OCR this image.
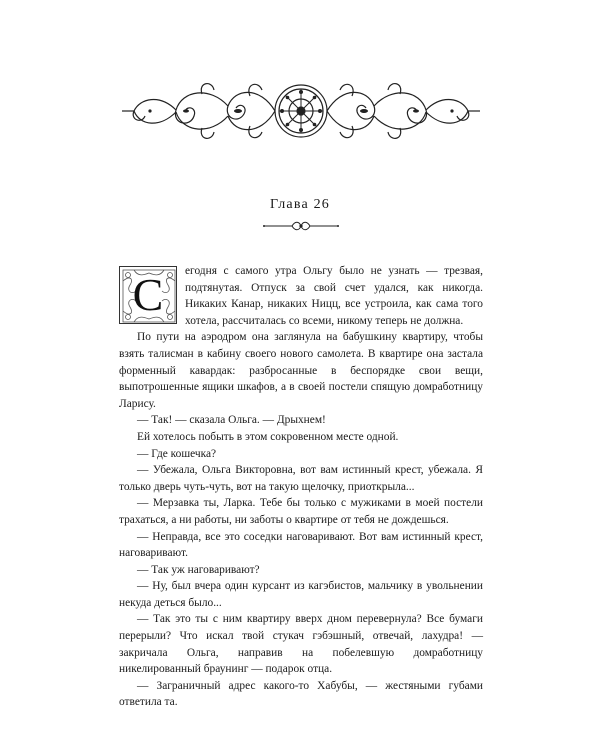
Глава 26

С	егодня с самого утра Ольгу было не узнать — трезвая, подтянутая. Отпуск за свой счет удался, как никогда. Никаких Канар, никаких Ницц, все устроила, как сама того хотела, рассчиталась со всеми, никому теперь не должна.

По пути на аэродром она заглянула на бабушкину квартиру, чтобы взять талисман в кабину своего нового самолета. В квартире она застала форменный кавардак: разбросанные в беспорядке свои вещи, выпотрошенные ящики шкафов, а в своей постели спящую домработницу Ларису.

— Так! — сказала Ольга. — Дрыхнем!

Ей хотелось побыть в этом сокровенном месте одной.

— Где кошечка?

— Убежала, Ольга Викторовна, вот вам истинный крест, убежала. Я только дверь чуть-чуть, вот на такую щелочку, приоткрыла...

— Мерзавка ты, Ларка. Тебе бы только с мужиками в моей постели трахаться, а ни работы, ни заботы о квартире от тебя не дождешься.

— Неправда, все это соседки наговаривают. Вот вам истинный крест, наговаривают.

— Так уж наговаривают?

— Ну, был вчера один курсант из кагэбистов, мальчику в увольнении некуда деться было...

— Так это ты с ним квартиру вверх дном перевернула? Все бумаги перерыли? Что искал твой стукач гэбэшный, отвечай, лахудра! — закричала Ольга, направив на побелевшую домработницу никелированный браунинг — подарок отца.

— Заграничный адрес какого-то Хабубы, — жестяными губами ответила та.
